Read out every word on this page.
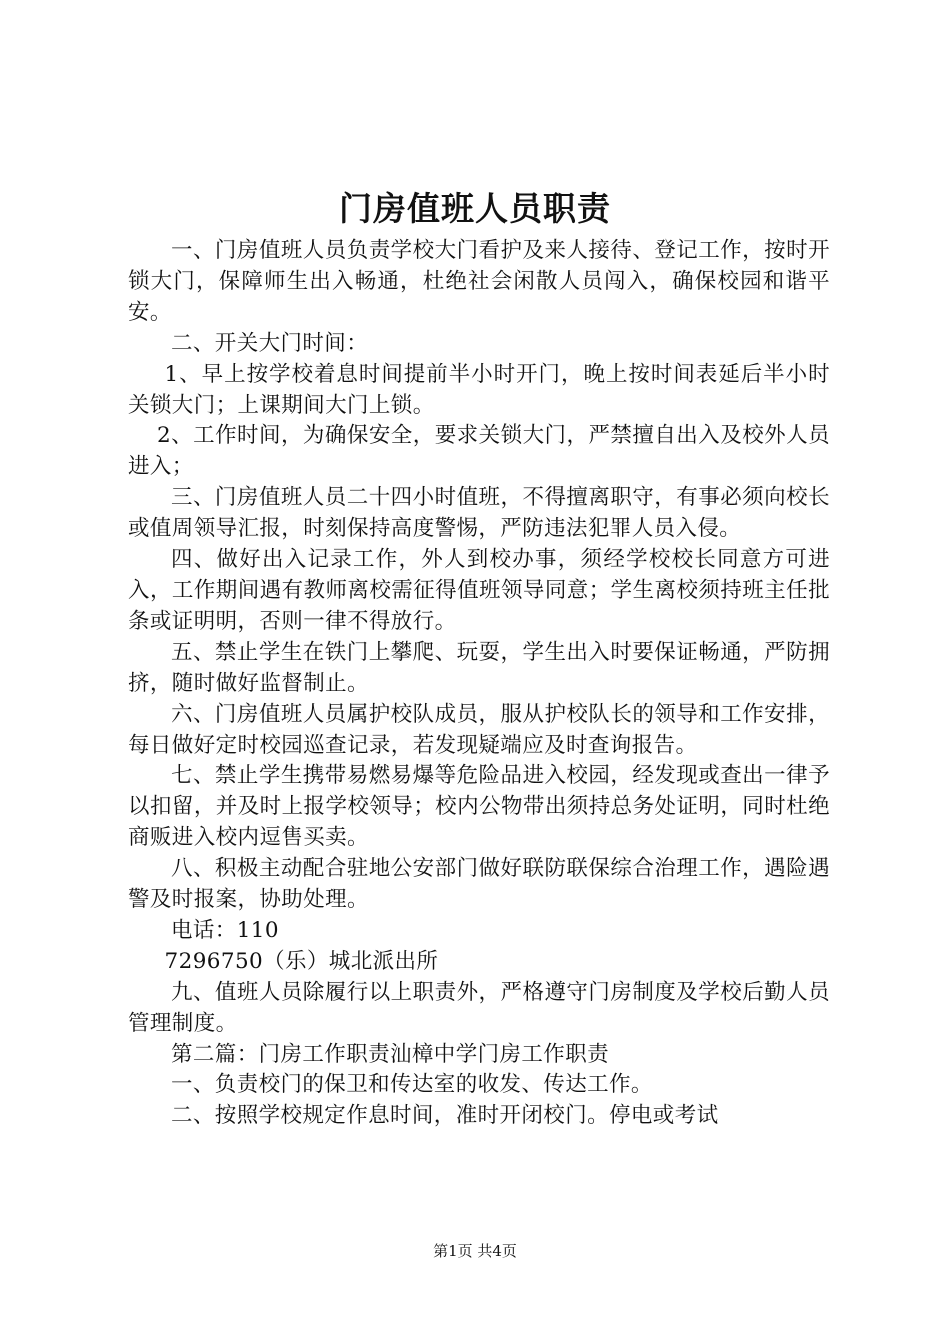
门房值班人员职责

一、门房值班人员负责学校大门看护及来人接待、登记工作，按时开锁大门，保障师生出入畅通，杜绝社会闲散人员闯入，确保校园和谐平安。

二、开关大门时间：

1、早上按学校着息时间提前半小时开门，晚上按时间表延后半小时关锁大门；上课期间大门上锁。

2、工作时间，为确保安全，要求关锁大门，严禁擅自出入及校外人员进入；

三、门房值班人员二十四小时值班，不得擅离职守，有事必须向校长或值周领导汇报，时刻保持高度警惕，严防违法犯罪人员入侵。

四、做好出入记录工作，外人到校办事，须经学校校长同意方可进入，工作期间遇有教师离校需征得值班领导同意；学生离校须持班主任批条或证明明，否则一律不得放行。

五、禁止学生在铁门上攀爬、玩耍，学生出入时要保证畅通，严防拥挤，随时做好监督制止。

六、门房值班人员属护校队成员，服从护校队长的领导和工作安排，每日做好定时校园巡查记录，若发现疑端应及时查询报告。

七、禁止学生携带易燃易爆等危险品进入校园，经发现或查出一律予以扣留，并及时上报学校领导；校内公物带出须持总务处证明，同时杜绝商贩进入校内逗售买卖。

八、积极主动配合驻地公安部门做好联防联保综合治理工作，遇险遇警及时报案，协助处理。

电话：110

7296750（乐）城北派出所

九、值班人员除履行以上职责外，严格遵守门房制度及学校后勤人员管理制度。

第二篇：门房工作职责汕樟中学门房工作职责

一、负责校门的保卫和传达室的收发、传达工作。

二、按照学校规定作息时间，准时开闭校门。停电或考试

第1页 共4页
